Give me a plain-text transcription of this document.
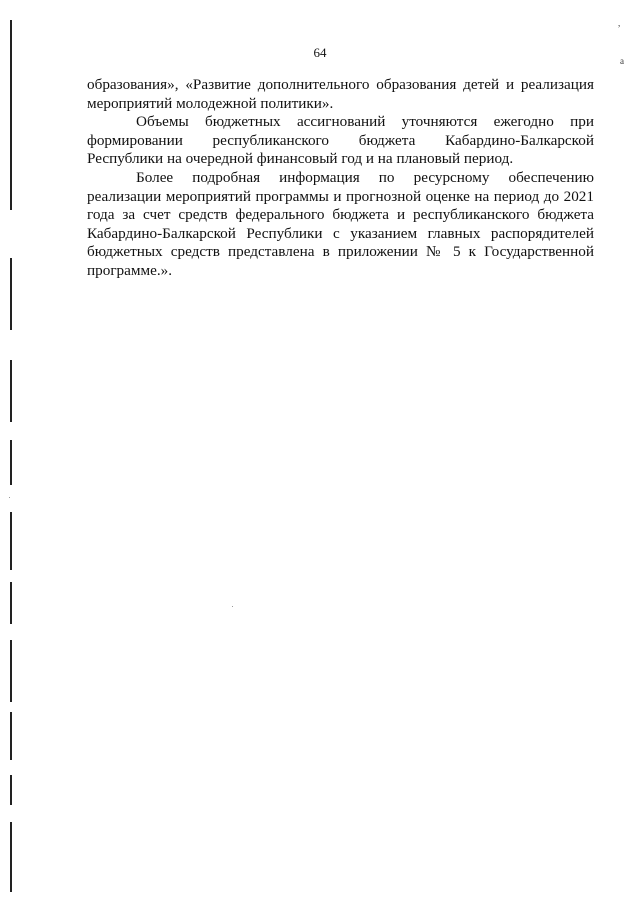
64

образования», «Развитие дополнительного образования детей и реализация мероприятий молодежной политики».

Объемы бюджетных ассигнований уточняются ежегодно при формировании республиканского бюджета Кабардино-Балкарской Республики на очередной финансовый год и на плановый период.

Более подробная информация по ресурсному обеспечению реализации мероприятий программы и прогнозной оценке на период до 2021 года за счет средств федерального бюджета и республиканского бюджета Кабардино-Балкарской Республики с указанием главных распорядителей бюджетных средств представлена в приложении № 5 к Государственной программе.».

,
a
